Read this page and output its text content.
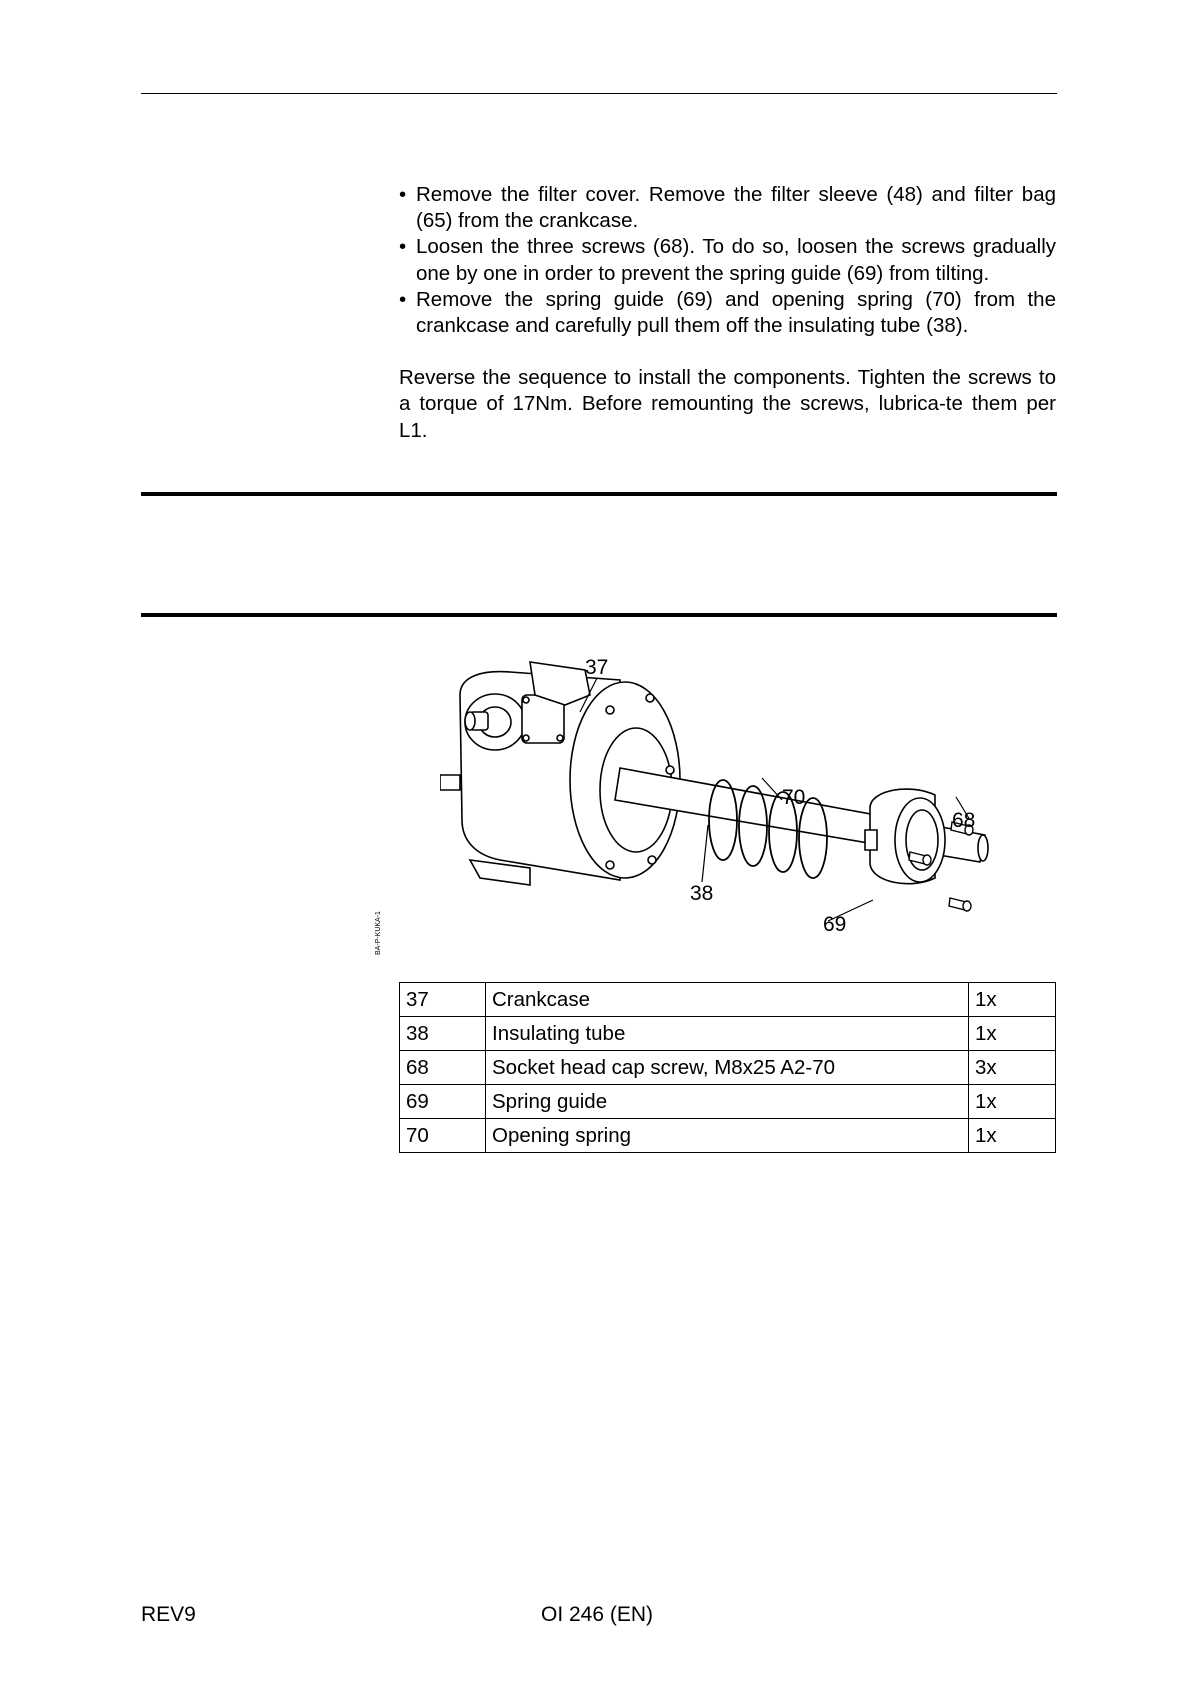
• Remove the filter cover. Remove the filter sleeve (48) and filter bag (65) from the crankcase.
• Loosen the three screws (68). To do so, loosen the screws gradually one by one in order to prevent the spring guide (69) from tilting.
• Remove the spring guide (69) and opening spring (70) from the crankcase and carefully pull them off the insulating tube (38).

Reverse the sequence to install the components. Tighten the screws to a torque of 17Nm. Before remounting the screws, lubrica-te them per L1.

BA-P-KUKA-1
37
70
68
38
69
37	Crankcase	1x
38	Insulating tube	1x
68	Socket head cap screw, M8x25 A2-70	3x
69	Spring guide	1x
70	Opening spring	1x
REV9	OI 246 (EN)
